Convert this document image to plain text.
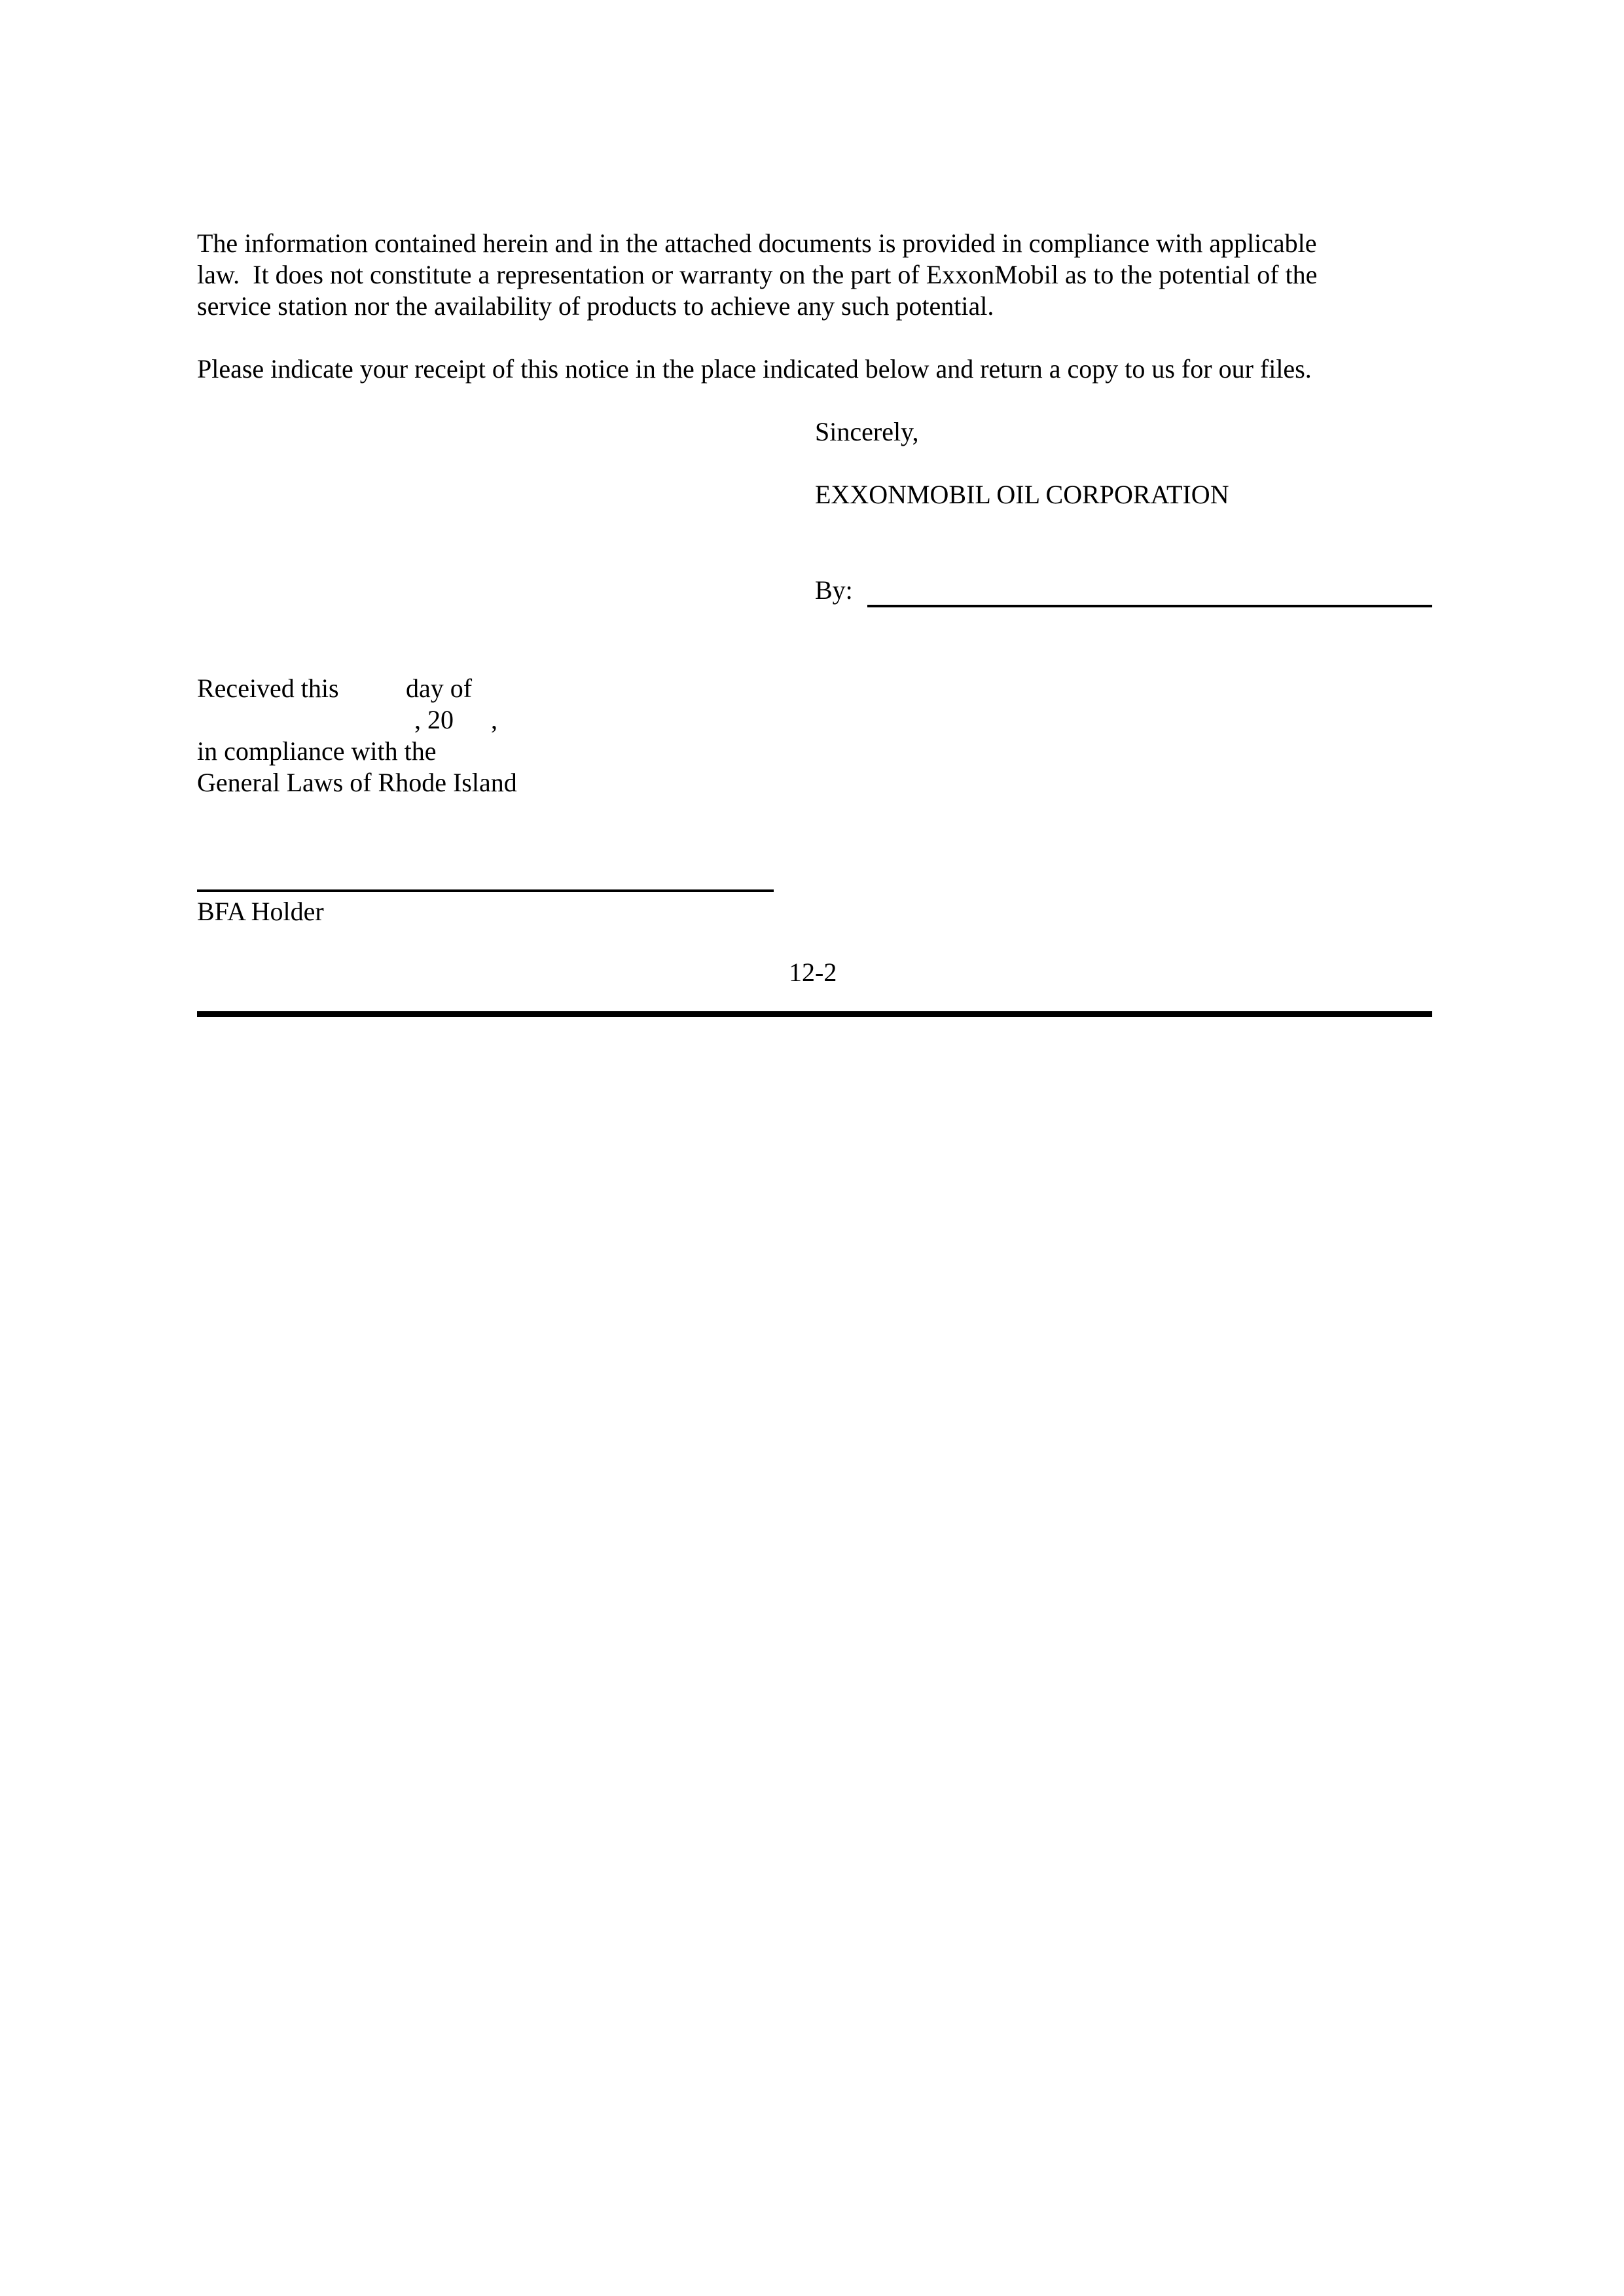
The information contained herein and in the attached documents is provided in compliance with applicable

law.  It does not constitute a representation or warranty on the part of ExxonMobil as to the potential of the

service station nor the availability of products to achieve any such potential.

Please indicate your receipt of this notice in the place indicated below and return a copy to us for our files.

Sincerely,

EXXONMOBIL OIL CORPORATION

By:

Received this	day of

, 20 ,

in compliance with the

General Laws of Rhode Island

BFA Holder

12-2
